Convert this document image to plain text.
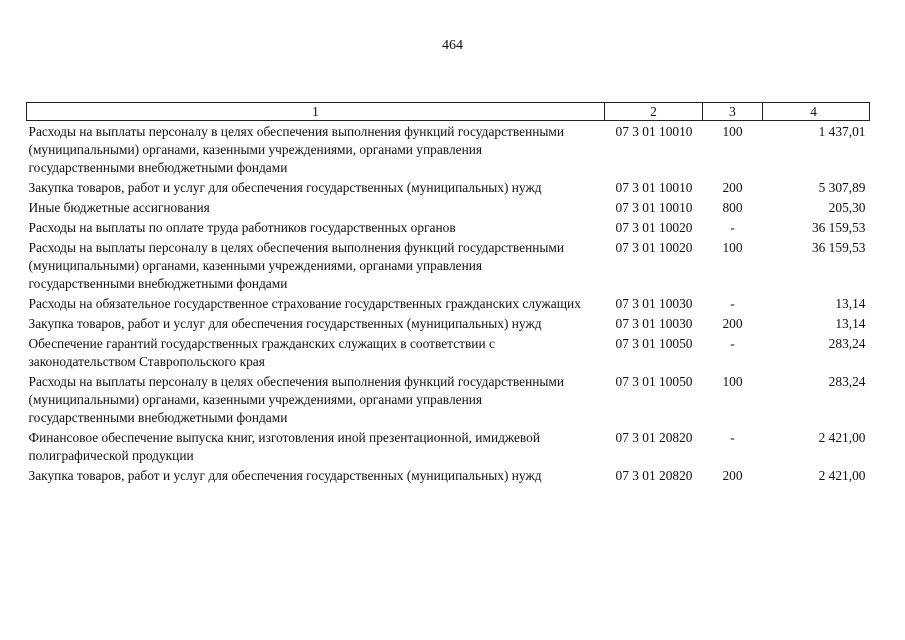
464
1	2	3	4
Расходы на выплаты персоналу в целях обеспечения выполнения функций государственными (муниципальными) органами, казенными учреждениями, органами управления государственными внебюджетными фондами	07 3 01 10010	100	1 437,01
Закупка товаров, работ и услуг для обеспечения государственных (муниципальных) нужд	07 3 01 10010	200	5 307,89
Иные бюджетные ассигнования	07 3 01 10010	800	205,30
Расходы на выплаты по оплате труда работников государственных органов	07 3 01 10020	-	36 159,53
Расходы на выплаты персоналу в целях обеспечения выполнения функций государственными (муниципальными) органами, казенными учреждениями, органами управления государственными внебюджетными фондами	07 3 01 10020	100	36 159,53
Расходы на обязательное государственное страхование государственных гражданских служащих	07 3 01 10030	-	13,14
Закупка товаров, работ и услуг для обеспечения государственных (муниципальных) нужд	07 3 01 10030	200	13,14
Обеспечение гарантий государственных гражданских служащих в соответствии с законодательством Ставропольского края	07 3 01 10050	-	283,24
Расходы на выплаты персоналу в целях обеспечения выполнения функций государственными (муниципальными) органами, казенными учреждениями, органами управления государственными внебюджетными фондами	07 3 01 10050	100	283,24
Финансовое обеспечение выпуска книг, изготовления иной презентационной, имиджевой полиграфической продукции	07 3 01 20820	-	2 421,00
Закупка товаров, работ и услуг для обеспечения государственных (муниципальных) нужд	07 3 01 20820	200	2 421,00
